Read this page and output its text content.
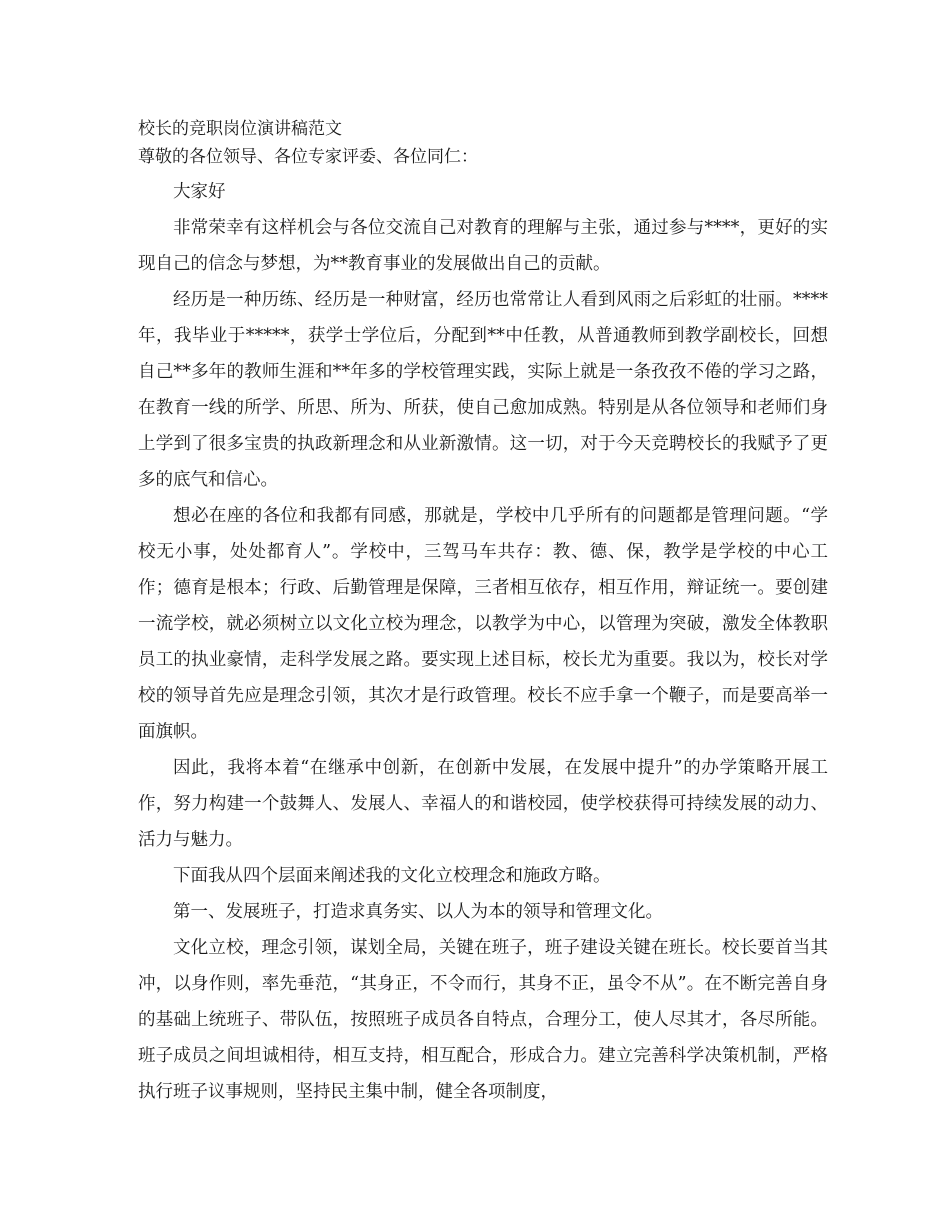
校长的竞职岗位演讲稿范文

尊敬的各位领导、各位专家评委、各位同仁：

大家好

非常荣幸有这样机会与各位交流自己对教育的理解与主张，通过参与****，更好的实现自己的信念与梦想，为**教育事业的发展做出自己的贡献。

经历是一种历练、经历是一种财富，经历也常常让人看到风雨之后彩虹的壮丽。****年，我毕业于*****，获学士学位后，分配到**中任教，从普通教师到教学副校长，回想自己**多年的教师生涯和**年多的学校管理实践，实际上就是一条孜孜不倦的学习之路，在教育一线的所学、所思、所为、所获，使自己愈加成熟。特别是从各位领导和老师们身上学到了很多宝贵的执政新理念和从业新激情。这一切，对于今天竞聘校长的我赋予了更多的底气和信心。

想必在座的各位和我都有同感，那就是，学校中几乎所有的问题都是管理问题。“学校无小事，处处都育人”。学校中，三驾马车共存：教、德、保，教学是学校的中心工作；德育是根本；行政、后勤管理是保障，三者相互依存，相互作用，辩证统一。要创建一流学校，就必须树立以文化立校为理念，以教学为中心，以管理为突破，激发全体教职员工的执业豪情，走科学发展之路。要实现上述目标，校长尤为重要。我以为，校长对学校的领导首先应是理念引领，其次才是行政管理。校长不应手拿一个鞭子，而是要高举一面旗帜。

因此，我将本着“在继承中创新，在创新中发展，在发展中提升”的办学策略开展工作，努力构建一个鼓舞人、发展人、幸福人的和谐校园，使学校获得可持续发展的动力、活力与魅力。

下面我从四个层面来阐述我的文化立校理念和施政方略。

第一、发展班子，打造求真务实、以人为本的领导和管理文化。

文化立校，理念引领，谋划全局，关键在班子，班子建设关键在班长。校长要首当其冲，以身作则，率先垂范，“其身正，不令而行，其身不正，虽令不从”。在不断完善自身的基础上统班子、带队伍，按照班子成员各自特点，合理分工，使人尽其才，各尽所能。班子成员之间坦诚相待，相互支持，相互配合，形成合力。建立完善科学决策机制，严格执行班子议事规则，坚持民主集中制，健全各项制度，
